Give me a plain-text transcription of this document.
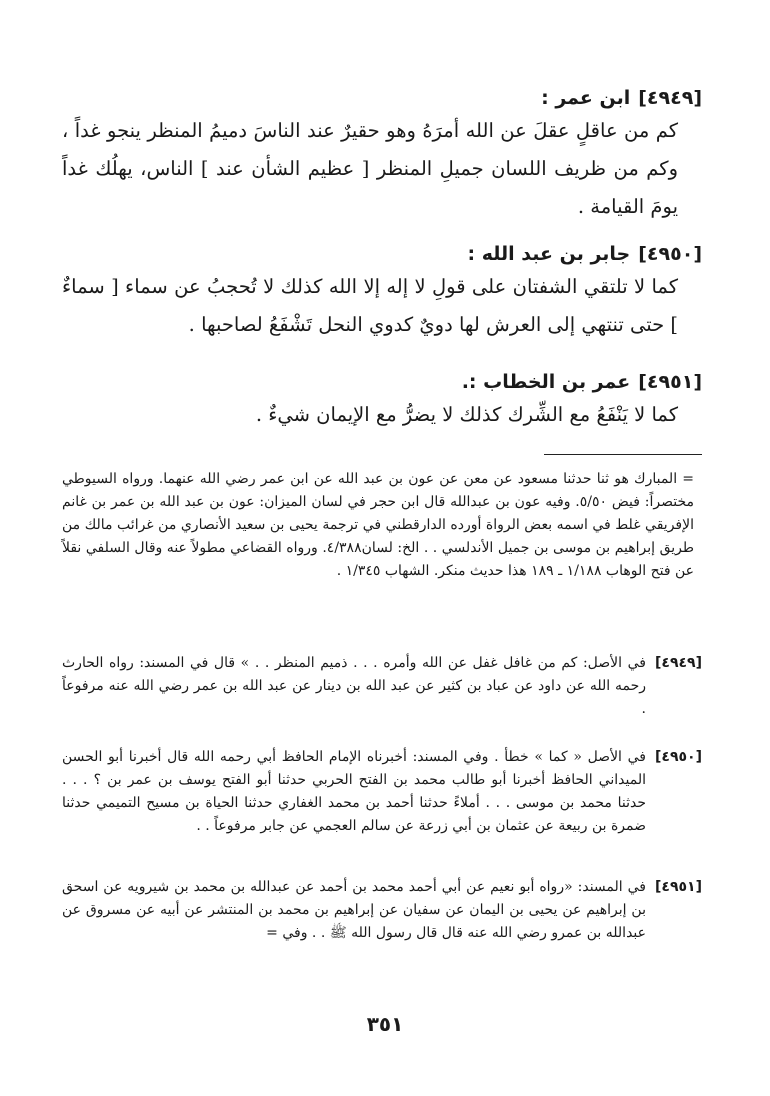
[٤٩٤٩]ابن عمر :
كم من عاقلٍ عقلَ عن الله أمرَهُ وهو حقيرٌ عند الناسَ دميمُ المنظر ينجو غداً ، وكم من ظريف اللسان جميلِ المنظر [ عظيم الشأن عند ] الناس، يهلُك غداً يومَ القيامة .
[٤٩٥٠]جابر بن عبد الله :
كما لا تلتقي الشفتان على قولِ لا إله إلا الله كذلك لا تُحجبُ عن سماء [ سماءٌ ] حتى تنتهي إلى العرش لها دويٌ كدوي النحل تَشْفَعُ لصاحبها .
[٤٩٥١]عمر بن الخطاب :.
كما لا يَنْفَعُ مع الشِّرك كذلك لا يضرُّ مع الإيمان شيءٌ .
= المبارك هو ثنا حدثنا مسعود عن معن عن عون بن عبد الله عن ابن عمر رضي الله عنهما. ورواه السيوطي مختصراً: فيض ٥/٥٠. وفيه عون بن عبدالله قال ابن حجر في لسان الميزان: عون بن عبد الله بن عمر بن غانم الإفريقي غلط في اسمه بعض الرواة أورده الدارقطني في ترجمة يحيى بن سعيد الأنصاري من غرائب مالك من طريق إبراهيم بن موسى بن جميل الأندلسي . . الخ: لسان٤/٣٨٨. ورواه القضاعي مطولاً عنه وقال السلفي نقلاً عن فتح الوهاب ١/١٨٨ ـ ١٨٩ هذا حديث منكر. الشهاب ١/٣٤٥ .
[٤٩٤٩]
في الأصل: كم من غافل غفل عن الله وأمره . . . ذميم المنظر . . » قال في المسند: رواه الحارث رحمه الله عن داود عن عباد بن كثير عن عبد الله بن دينار عن عبد الله بن عمر رضي الله عنه مرفوعاً .
[٤٩٥٠]
في الأصل « كما » خطأ . وفي المسند: أخبرناه الإمام الحافظ أبي رحمه الله قال أخبرنا أبو الحسن الميداني الحافظ أخبرنا أبو طالب محمد بن الفتح الحربي حدثنا أبو الفتح يوسف بن عمر بن ؟ . . . حدثنا محمد بن موسى . . . أملاءً حدثنا أحمد بن محمد الغفاري حدثنا الحياة بن مسيح التميمي حدثنا ضمرة بن ربيعة عن عثمان بن أبي زرعة عن سالم العجمي عن جابر مرفوعاً . .
[٤٩٥١]
في المسند: «رواه أبو نعيم عن أبي أحمد محمد بن أحمد عن عبدالله بن محمد بن شيرويه عن اسحق بن إبراهيم عن يحيى بن اليمان عن سفيان عن إبراهيم بن محمد بن المنتشر عن أبيه عن مسروق عن عبدالله بن عمرو رضي الله عنه قال قال رسول الله ﷺ . . وفي =
٣٥١
